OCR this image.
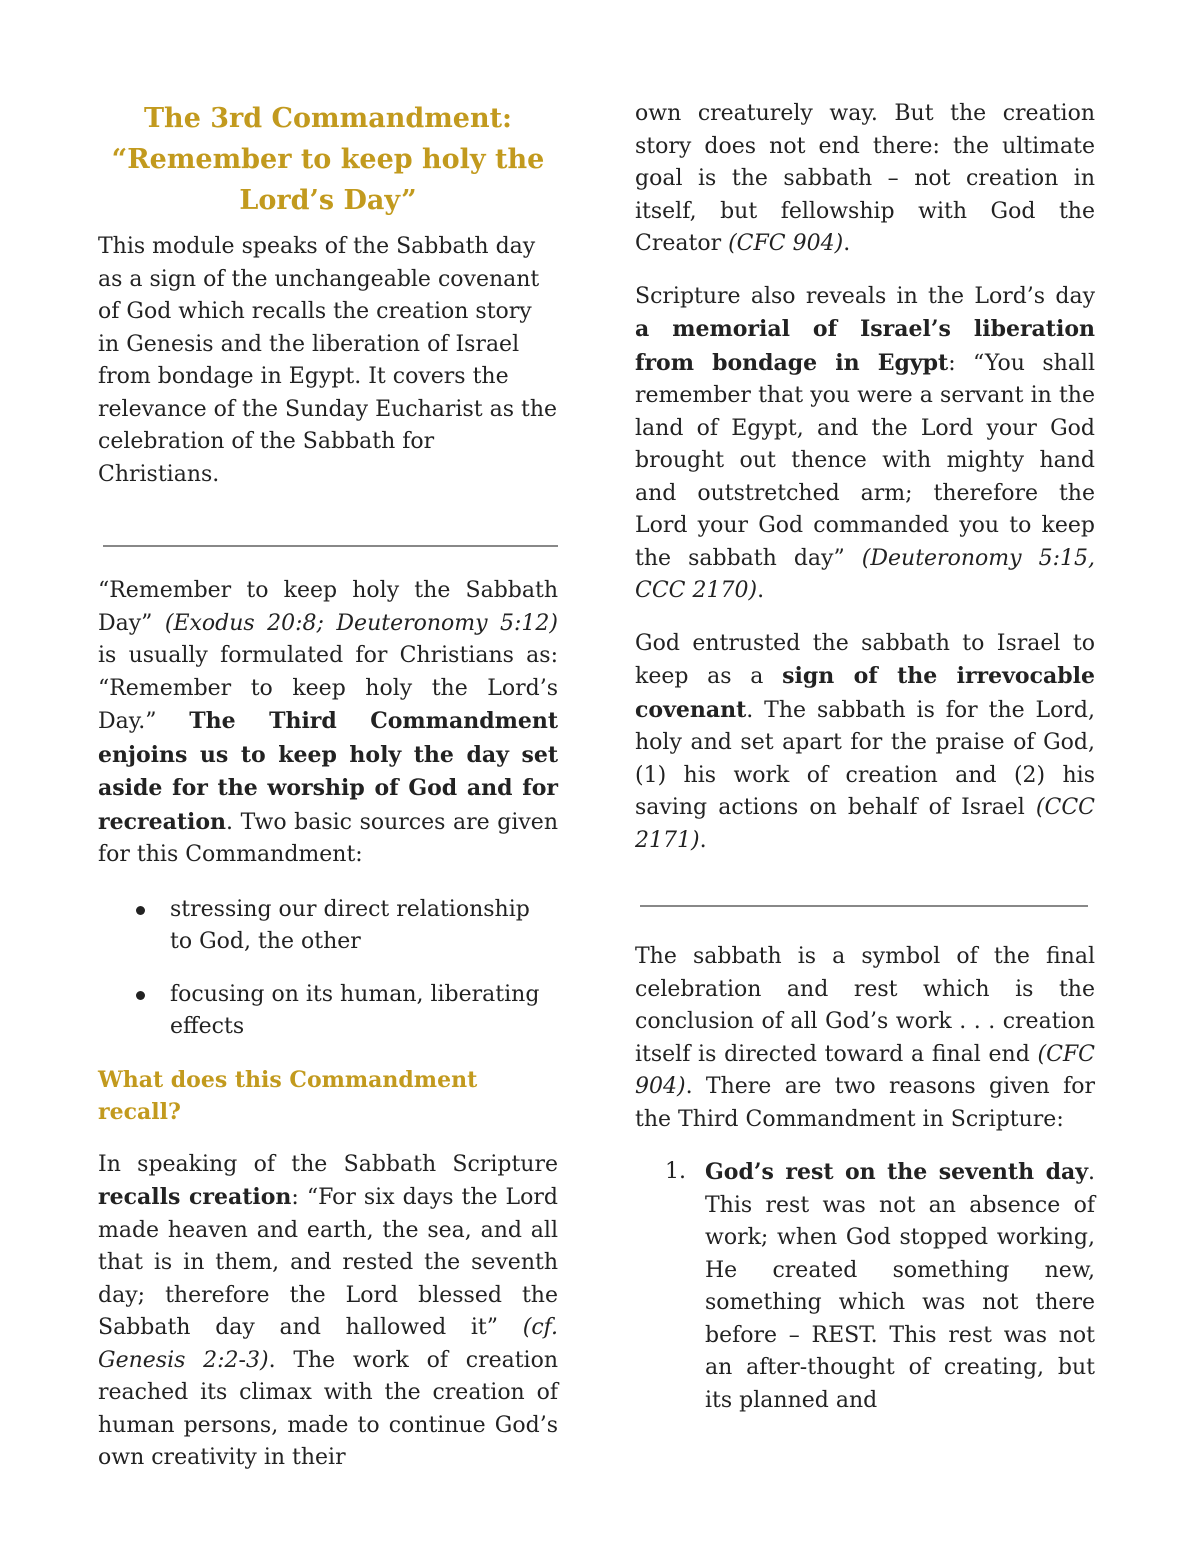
The 3rd Commandment:
“Remember to keep holy the
Lord’s Day”

This module speaks of the Sabbath day as a sign of the unchangeable covenant of God which recalls the creation story in Genesis and the liberation of Israel from bondage in Egypt. It covers the relevance of the Sunday Eucharist as the celebration of the Sabbath for Christians.

“Remember to keep holy the Sabbath Day” (Exodus 20:8; Deuteronomy 5:12) is usually formulated for Christians as: “Remember to keep holy the Lord’s Day.” The Third Commandment enjoins us to keep holy the day set aside for the worship of God and for recreation. Two basic sources are given for this Commandment:

stressing our direct relationship to God, the other
focusing on its human, liberating effects
What does this Commandment recall?

In speaking of the Sabbath Scripture recalls creation: “For six days the Lord made heaven and earth, the sea, and all that is in them, and rested the seventh day; therefore the Lord blessed the Sabbath day and hallowed it” (cf. Genesis 2:2-3). The work of creation reached its climax with the creation of human persons, made to continue God’s own creativity in their

own creaturely way. But the creation story does not end there: the ultimate goal is the sabbath – not creation in itself, but fellowship with God the Creator (CFC 904).

Scripture also reveals in the Lord’s day a memorial of Israel’s liberation from bondage in Egypt: “You shall remember that you were a servant in the land of Egypt, and the Lord your God brought out thence with mighty hand and outstretched arm; therefore the Lord your God commanded you to keep the sabbath day” (Deuteronomy 5:15, CCC 2170).

God entrusted the sabbath to Israel to keep as a sign of the irrevocable covenant. The sabbath is for the Lord, holy and set apart for the praise of God, (1) his work of creation and (2) his saving actions on behalf of Israel (CCC 2171).

The sabbath is a symbol of the final celebration and rest which is the conclusion of all God’s work . . . creation itself is directed toward a final end (CFC 904). There are two reasons given for the Third Commandment in Scripture:

1. God’s rest on the seventh day. This rest was not an absence of work; when God stopped working, He created something new, something which was not there before – REST. This rest was not an after-thought of creating, but its planned and
